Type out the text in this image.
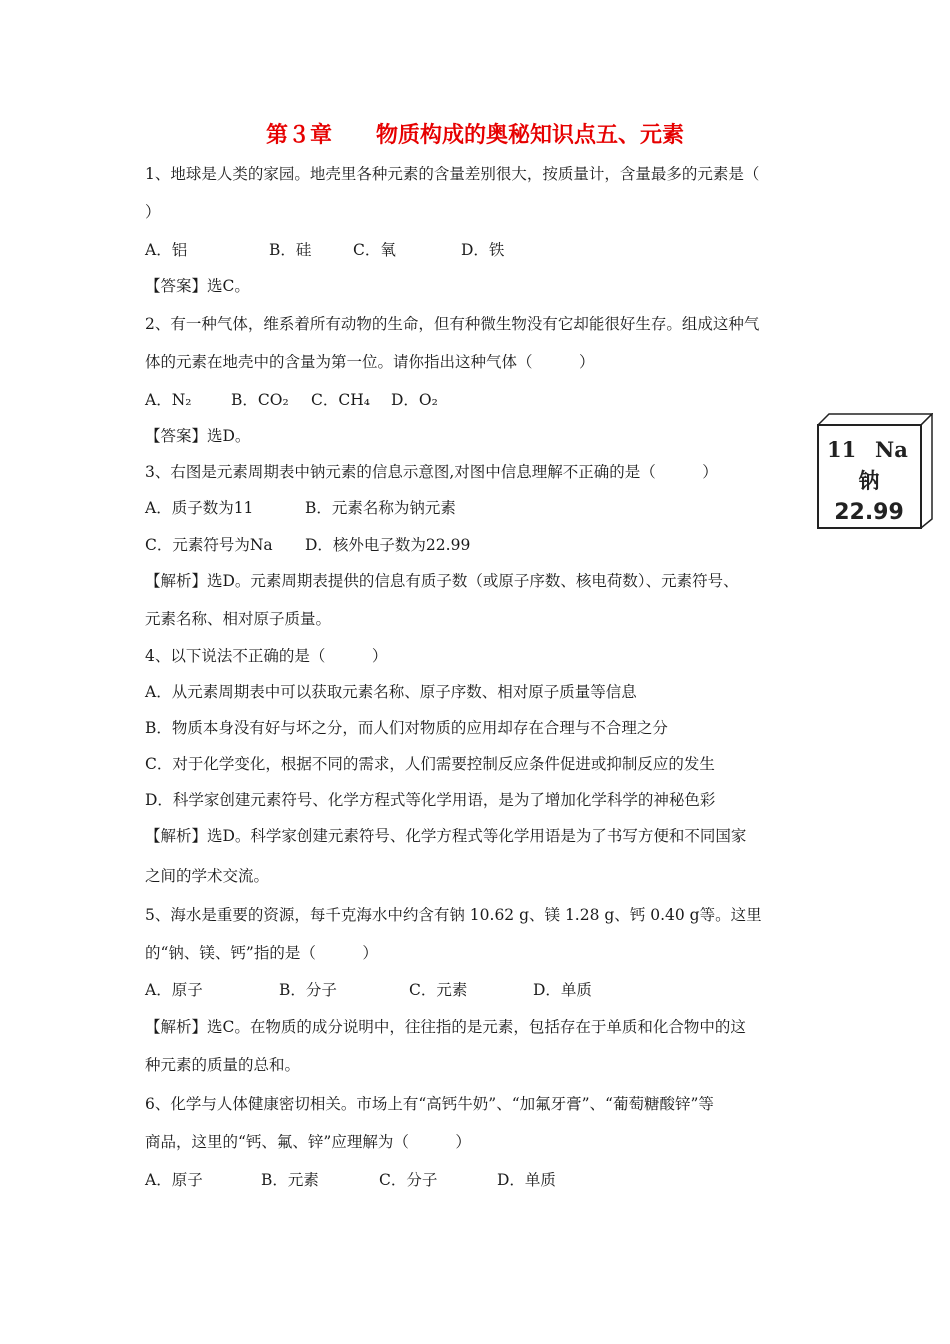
第３章　　物质构成的奥秘知识点五、元素
1、地球是人类的家园。地壳里各种元素的含量差别很大，按质量计，含量最多的元素是（
）
A．铝	B．硅	C．氧	D．铁
【答案】选C。
2、有一种气体，维系着所有动物的生命，但有种微生物没有它却能很好生存。组成这种气
体的元素在地壳中的含量为第一位。请你指出这种气体（　　　）
A．N₂	B．CO₂ C．CH₄ D．O₂
【答案】选D。
3、右图是元素周期表中钠元素的信息示意图,对图中信息理解不正确的是（　　　）
A．质子数为11	B．元素名称为钠元素
C．元素符号为Na D．核外电子数为22.99
【解析】选D。元素周期表提供的信息有质子数（或原子序数、核电荷数）、元素符号、
元素名称、相对原子质量。
11 Na
钠
22.99
4、以下说法不正确的是（　　　）
A．从元素周期表中可以获取元素名称、原子序数、相对原子质量等信息
B．物质本身没有好与坏之分，而人们对物质的应用却存在合理与不合理之分
C．对于化学变化，根据不同的需求，人们需要控制反应条件促进或抑制反应的发生
D．科学家创建元素符号、化学方程式等化学用语，是为了增加化学科学的神秘色彩
【解析】选D。科学家创建元素符号、化学方程式等化学用语是为了书写方便和不同国家
之间的学术交流。
5、海水是重要的资源，每千克海水中约含有钠 10.62 g、镁 1.28 g、钙 0.40 g等。这里
的“钠、镁、钙”指的是（　　　）
A．原子	B．分子	C．元素	D．单质
【解析】选C。在物质的成分说明中，往往指的是元素，包括存在于单质和化合物中的这
种元素的质量的总和。
6、化学与人体健康密切相关。市场上有“高钙牛奶”、“加氟牙膏”、“葡萄糖酸锌”等
商品，这里的“钙、氟、锌”应理解为（　　　）
A．原子	B．元素	C．分子	D．单质
